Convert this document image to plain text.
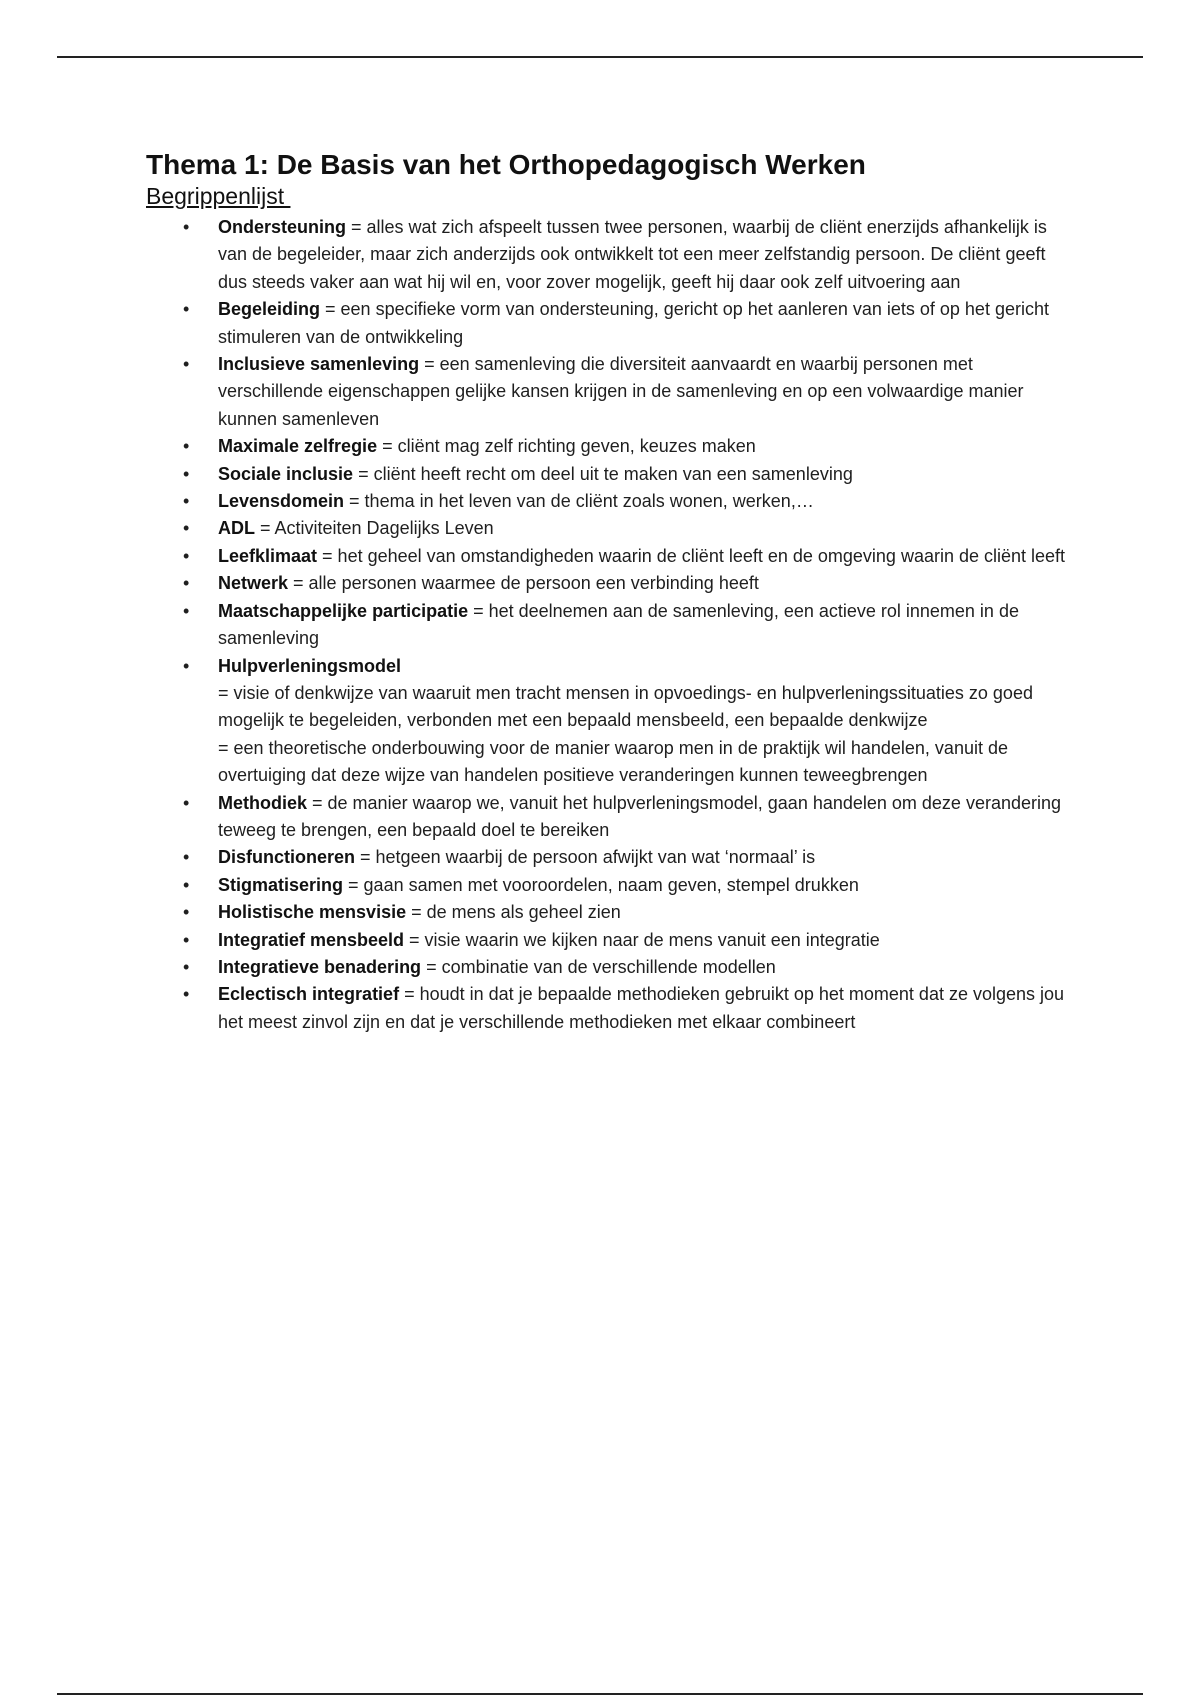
Thema 1: De Basis van het Orthopedagogisch Werken
Begrippenlijst
• Ondersteuning = alles wat zich afspeelt tussen twee personen, waarbij de cliënt enerzijds afhankelijk is van de begeleider, maar zich anderzijds ook ontwikkelt tot een meer zelfstandig persoon. De cliënt geeft dus steeds vaker aan wat hij wil en, voor zover mogelijk, geeft hij daar ook zelf uitvoering aan
• Begeleiding = een specifieke vorm van ondersteuning, gericht op het aanleren van iets of op het gericht stimuleren van de ontwikkeling
• Inclusieve samenleving = een samenleving die diversiteit aanvaardt en waarbij personen met verschillende eigenschappen gelijke kansen krijgen in de samenleving en op een volwaardige manier kunnen samenleven
• Maximale zelfregie = cliënt mag zelf richting geven, keuzes maken
• Sociale inclusie = cliënt heeft recht om deel uit te maken van een samenleving
• Levensdomein = thema in het leven van de cliënt zoals wonen, werken,…
• ADL = Activiteiten Dagelijks Leven
• Leefklimaat = het geheel van omstandigheden waarin de cliënt leeft en de omgeving waarin de cliënt leeft
• Netwerk = alle personen waarmee de persoon een verbinding heeft
• Maatschappelijke participatie = het deelnemen aan de samenleving, een actieve rol innemen in de samenleving
• Hulpverleningsmodel
= visie of denkwijze van waaruit men tracht mensen in opvoedings- en hulpverleningssituaties zo goed mogelijk te begeleiden, verbonden met een bepaald mensbeeld, een bepaalde denkwijze
= een theoretische onderbouwing voor de manier waarop men in de praktijk wil handelen, vanuit de overtuiging dat deze wijze van handelen positieve veranderingen kunnen teweegbrengen
• Methodiek = de manier waarop we, vanuit het hulpverleningsmodel, gaan handelen om deze verandering teweeg te brengen, een bepaald doel te bereiken
• Disfunctioneren = hetgeen waarbij de persoon afwijkt van wat ‘normaal’ is
• Stigmatisering = gaan samen met vooroordelen, naam geven, stempel drukken
• Holistische mensvisie = de mens als geheel zien
• Integratief mensbeeld = visie waarin we kijken naar de mens vanuit een integratie
• Integratieve benadering = combinatie van de verschillende modellen
• Eclectisch integratief = houdt in dat je bepaalde methodieken gebruikt op het moment dat ze volgens jou het meest zinvol zijn en dat je verschillende methodieken met elkaar combineert
